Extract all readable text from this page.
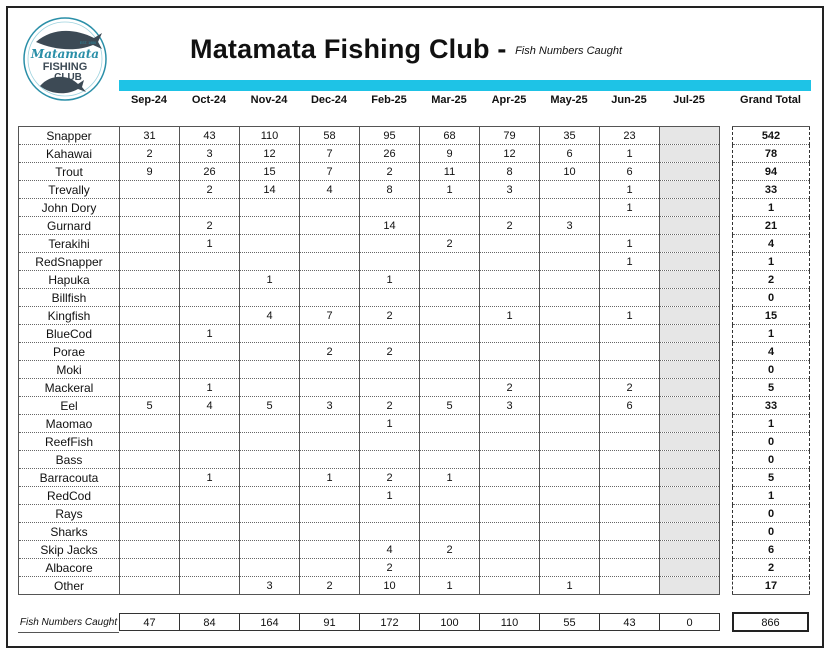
Matamata
FISHING
CLUB
EST. 1986	Matamata Fishing Club - $^{Fish Numbers Caught}$
Sep-24	Oct-24	Nov-24	Dec-24	Feb-25	Mar-25	Apr-25	May-25	Jun-25	Jul-25	Grand Total
Snapper	31	43	110	58	95	68	79	35	23			542
Kahawai	2	3	12	7	26	9	12	6	1			78
Trout	9	26	15	7	2	11	8	10	6			94
Trevally		2	14	4	8	1	3		1			33
John Dory									1			1
Gurnard		2			14		2	3				21
Terakihi		1				2			1			4
RedSnapper									1			1
Hapuka			1		1							2
Billfish												0
Kingfish			4	7	2		1		1			15
BlueCod		1										1
Porae				2	2							4
Moki												0
Mackeral		1					2		2			5
Eel	5	4	5	3	2	5	3		6			33
Maomao					1							1
ReefFish												0
Bass												0
Barracouta		1		1	2	1						5
RedCod					1							1
Rays												0
Sharks												0
Skip Jacks					4	2						6
Albacore					2							2
Other			3	2	10	1		1				17
Fish Numbers Caught	47	84	164	91	172	100	110	55	43	0	866
